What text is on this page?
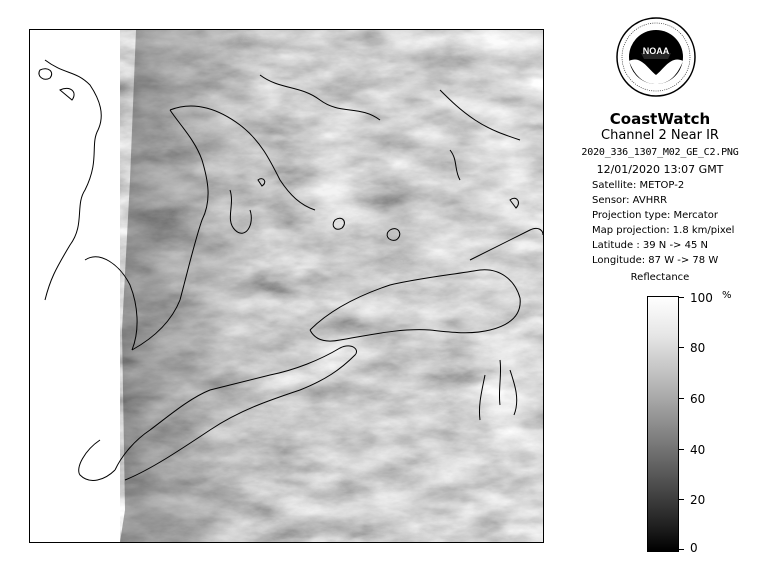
NOAA
CoastWatch
Channel 2 Near IR
2020_336_1307_M02_GE_C2.PNG
12/01/2020 13:07 GMT
Satellite: METOP-2
Sensor: AVHRR
Projection type: Mercator
Map projection: 1.8 km/pixel
Latitude : 39 N -> 45 N
Longitude: 87 W -> 78 W
Reflectance
%
100
80
60
40
20
0
